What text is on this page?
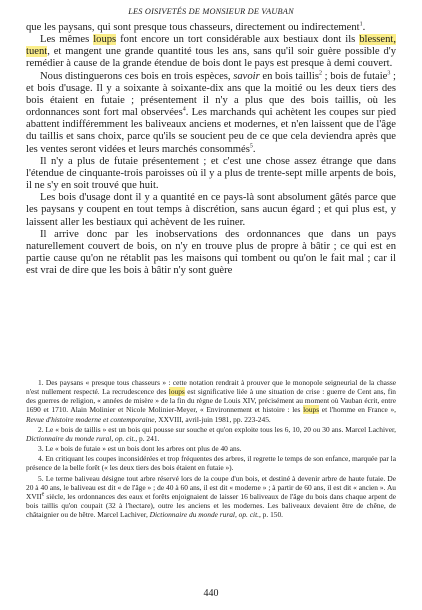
LES OISIVETÉS DE MONSIEUR DE VAUBAN

que les paysans, qui sont presque tous chasseurs, directement ou indirectement$^1$.

Les mêmes loups font encore un tort considérable aux bestiaux dont ils blessent, tuent, et mangent une grande quantité tous les ans, sans qu'il soir guère possible d'y remédier à cause de la grande étendue de bois dont le pays est presque à demi couvert.

Nous distinguerons ces bois en trois espèces, savoir en bois taillis$^2$ ; bois de futaie$^3$ ; et bois d'usage. Il y a soixante à soixante-dix ans que la moitié ou les deux tiers des bois étaient en futaie ; présentement il n'y a plus que des bois taillis, où les ordonnances sont fort mal observées$^4$. Les marchands qui achètent les coupes sur pied abattent indifféremment les baliveaux anciens et modernes, et n'en laissent que de l'âge du taillis et sans choix, parce qu'ils se soucient peu de ce que cela deviendra après que les ventes seront vidées et leurs marchés consommés$^5$.

Il n'y a plus de futaie présentement ; et c'est une chose assez étrange que dans l'étendue de cinquante-trois paroisses où il y a plus de trente-sept mille arpents de bois, il ne s'y en soit trouvé que huit.

Les bois d'usage dont il y a quantité en ce pays-là sont absolument gâtés parce que les paysans y coupent en tout temps à discrétion, sans aucun égard ; et qui plus est, y laissent aller les bestiaux qui achèvent de les ruiner.

Il arrive donc par les inobservations des ordonnances que dans un pays naturellement couvert de bois, on n'y en trouve plus de propre à bâtir ; ce qui est en partie cause qu'on ne rétablit pas les maisons qui tombent ou qu'on le fait mal ; car il est vrai de dire que les bois à bâtir n'y sont guère

1. Des paysans « presque tous chasseurs » : cette notation rendrait à prouver que le monopole seigneurial de la chasse n'est nullement respecté. La recrudescence des loups est significative liée à une situation de crise : guerre de Cent ans, fin des guerres de religion, « années de misère » de la fin du règne de Louis XIV, précisément au moment où Vauban écrit, entre 1690 et 1710. Alain Molinier et Nicole Molinier-Meyer, « Environnement et histoire : les loups et l'homme en France », Revue d'histoire moderne et contemporaine, XXVIII, avril-juin 1981, pp. 223-245.

2. Le « bois de taillis » est un bois qui pousse sur souche et qu'on exploite tous les 6, 10, 20 ou 30 ans. Marcel Lachiver, Dictionnaire du monde rural, op. cit., p. 241.

3. Le « bois de futaie » est un bois dont les arbres ont plus de 40 ans.

4. En critiquant les coupes inconsidérées et trop fréquentes des arbres, il regrette le temps de son enfance, marquée par la présence de la belle forêt (« les deux tiers des bois étaient en futaie »).

5. Le terme baliveau désigne tout arbre réservé lors de la coupe d'un bois, et destiné à devenir arbre de haute futaie. De 20 à 40 ans, le baliveau est dit « de l'âge » ; de 40 à 60 ans, il est dit « moderne » ; à partir de 60 ans, il est dit « ancien ». Au XVIIe siècle, les ordonnances des eaux et forêts enjoignaient de laisser 16 baliveaux de l'âge du bois dans chaque arpent de bois taillis qu'on coupait (32 à l'hectare), outre les anciens et les modernes. Les baliveaux devaient être de chêne, de châtaignier ou de hêtre. Marcel Lachiver, Dictionnaire du monde rural, op. cit., p. 150.

440
